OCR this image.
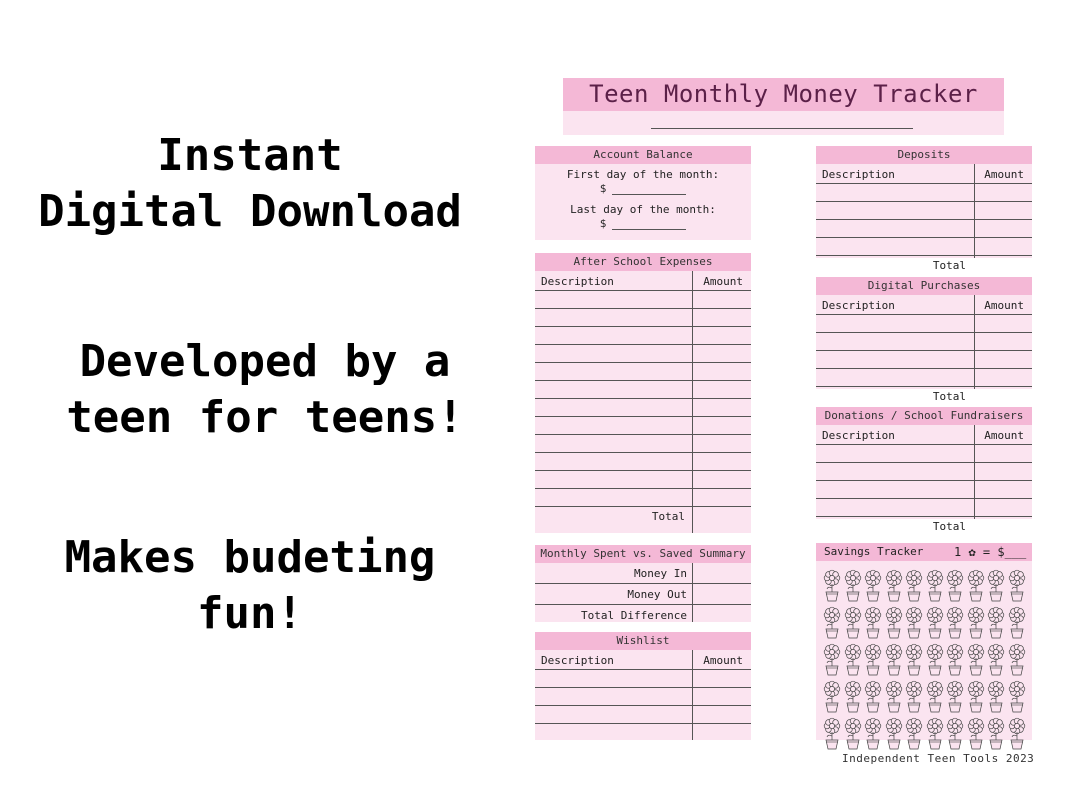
Instant
Digital Download
Developed by a
teen for teens!
Makes budeting
fun!
Teen Monthly Money Tracker
Account Balance
First day of the month:
$
Last day of the month:
$
After School Expenses
Description	Amount
Total
Monthly Spent vs. Saved Summary
Money In
Money Out
Total Difference
Wishlist
Description	Amount
Deposits
Description	Amount
Total
Digital Purchases
Description	Amount
Total
Donations / School Fundraisers
Description	Amount
Total
Savings Tracker	1 ✿ = $___
Independent Teen Tools 2023
